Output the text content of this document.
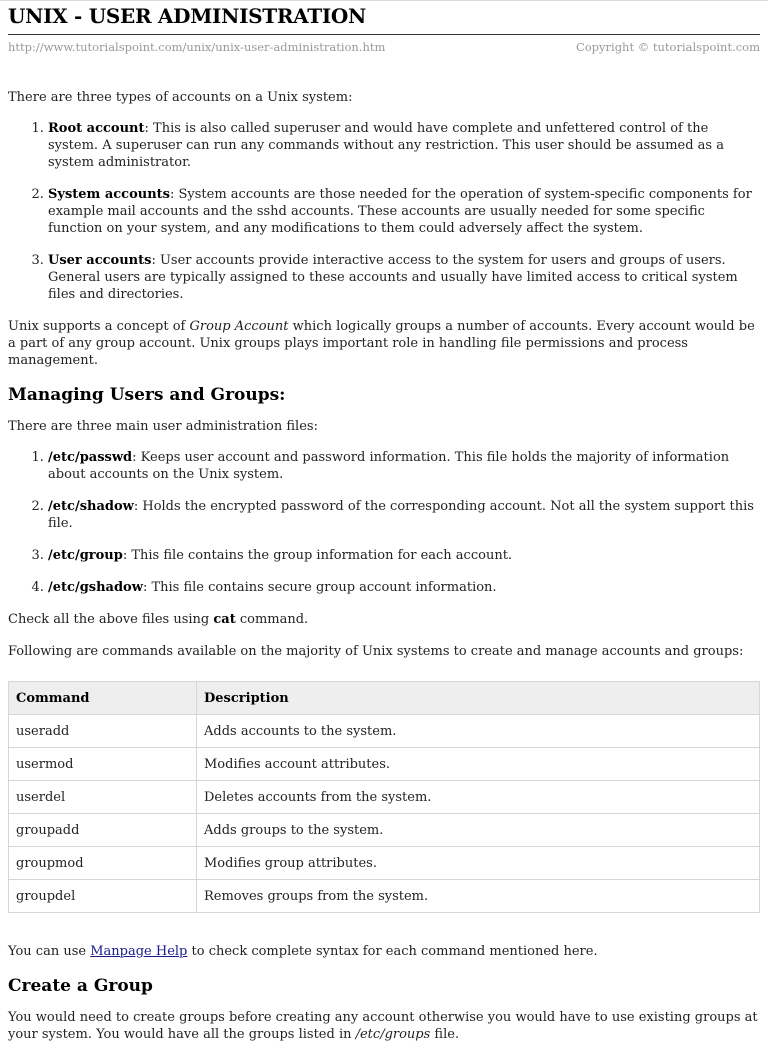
UNIX - USER ADMINISTRATION
http://www.tutorialspoint.com/unix/unix-user-administration.htm	Copyright © tutorialspoint.com

There are three types of accounts on a Unix system:

1. Root account: This is also called superuser and would have complete and unfettered control of the system. A superuser can run any commands without any restriction. This user should be assumed as a system administrator.
2. System accounts: System accounts are those needed for the operation of system-specific components for example mail accounts and the sshd accounts. These accounts are usually needed for some specific function on your system, and any modifications to them could adversely affect the system.
3. User accounts: User accounts provide interactive access to the system for users and groups of users. General users are typically assigned to these accounts and usually have limited access to critical system files and directories.

Unix supports a concept of Group Account which logically groups a number of accounts. Every account would be a part of any group account. Unix groups plays important role in handling file permissions and process management.

Managing Users and Groups:

There are three main user administration files:

1. /etc/passwd: Keeps user account and password information. This file holds the majority of information about accounts on the Unix system.
2. /etc/shadow: Holds the encrypted password of the corresponding account. Not all the system support this file.
3. /etc/group: This file contains the group information for each account.
4. /etc/gshadow: This file contains secure group account information.

Check all the above files using cat command.

Following are commands available on the majority of Unix systems to create and manage accounts and groups:

Command	Description
useradd	Adds accounts to the system.
usermod	Modifies account attributes.
userdel	Deletes accounts from the system.
groupadd	Adds groups to the system.
groupmod	Modifies group attributes.
groupdel	Removes groups from the system.

You can use Manpage Help to check complete syntax for each command mentioned here.

Create a Group

You would need to create groups before creating any account otherwise you would have to use existing groups at your system. You would have all the groups listed in /etc/groups file.
